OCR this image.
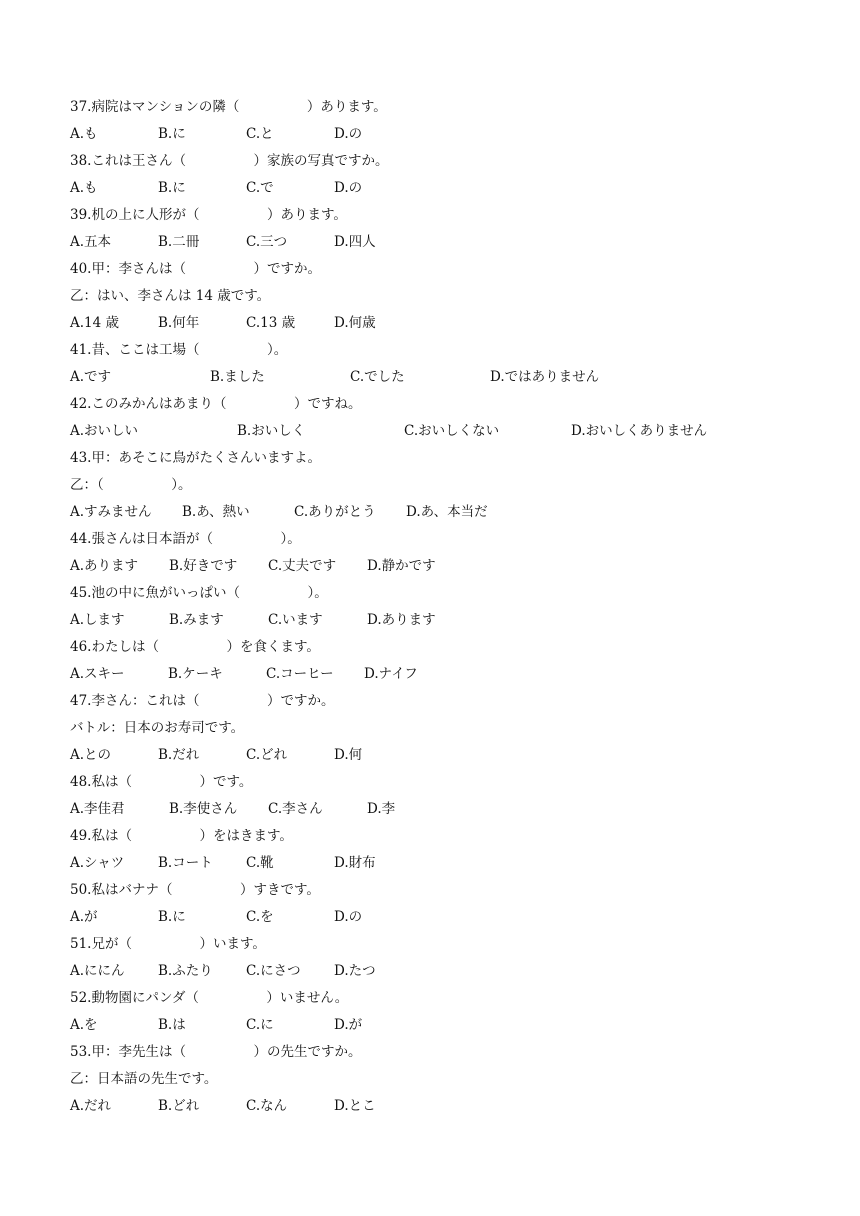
37.病院はマンションの隣（　　　　　）あります。
A.も	B.に	C.と	D.の
38.これは王さん（　　　　　）家族の写真ですか。
A.も	B.に	C.で	D.の
39.机の上に人形が（　　　　　）あります。
A.五本	B.二冊	C.三つ	D.四人
40.甲：李さんは（　　　　　）ですか。
乙：はい、李さんは 14 歳です。
A.14 歳	B.何年	C.13 歳	D.何歳
41.昔、ここは工場（　　　　　）。
A.です	B.ました	C.でした	D.ではありません
42.このみかんはあまり（　　　　　）ですね。
A.おいしい	B.おいしく	C.おいしくない	D.おいしくありません
43.甲：あそこに鳥がたくさんいますよ。
乙：（　　　　　）。
A.すみません	B.あ、熱い	C.ありがとう	D.あ、本当だ
44.張さんは日本語が（　　　　　）。
A.あります	B.好きです	C.丈夫です	D.静かです
45.池の中に魚がいっぱい（　　　　　）。
A.します	B.みます	C.います	D.あります
46.わたしは（　　　　　）を食くます。
A.スキー	B.ケーキ	C.コーヒー	D.ナイフ
47.李さん：これは（　　　　　）ですか。
バトル：日本のお寿司です。
A.との	B.だれ	C.どれ	D.何
48.私は（　　　　　）です。
A.李佳君	B.李使さん	C.李さん	D.李
49.私は（　　　　　）をはきます。
A.シャツ	B.コート	C.靴	D.財布
50.私はバナナ（　　　　　）すきです。
A.が	B.に	C.を	D.の
51.兄が（　　　　　）います。
A.ににん	B.ふたり	C.にさつ	D.たつ
52.動物園にパンダ（　　　　　）いません。
A.を	B.は	C.に	D.が
53.甲：李先生は（　　　　　）の先生ですか。
乙：日本語の先生です。
A.だれ	B.どれ	C.なん	D.とこ
